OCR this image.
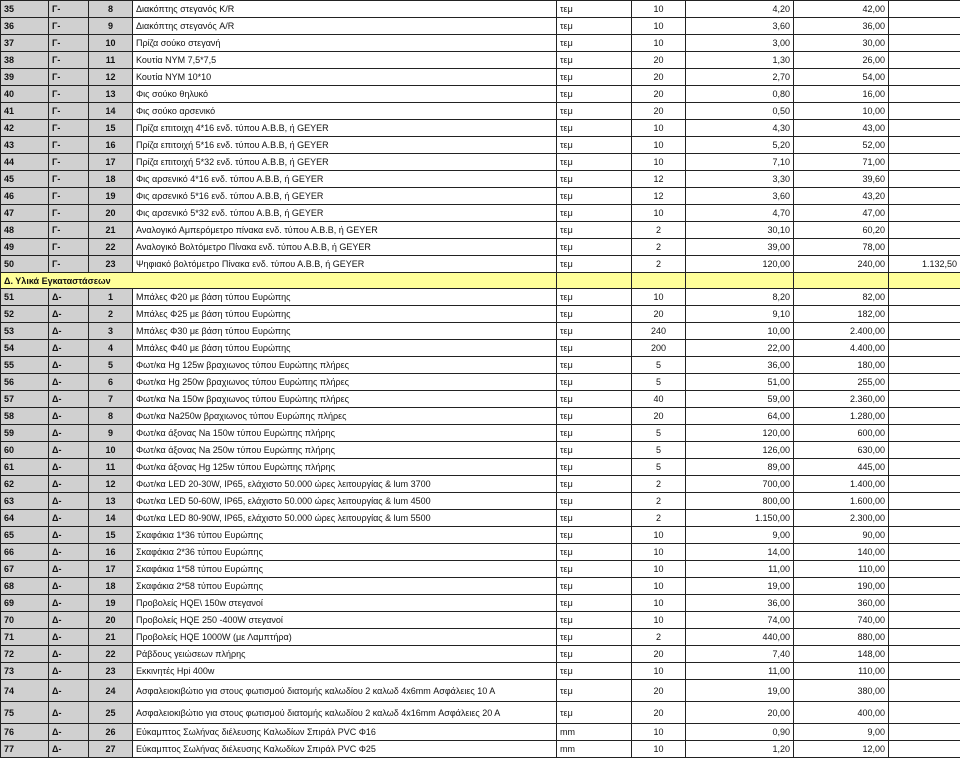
35	Γ-	8	Διακόπτης στεγανός K/R	τεμ	10	4,20	42,00	
36	Γ-	9	Διακόπτης στεγανός A/R	τεμ	10	3,60	36,00	
37	Γ-	10	Πρίζα σούκο στεγανή	τεμ	10	3,00	30,00	
38	Γ-	11	Κουτία ΝΥΜ 7,5*7,5	τεμ	20	1,30	26,00	
39	Γ-	12	Κουτία ΝΥΜ 10*10	τεμ	20	2,70	54,00	
40	Γ-	13	Φις σούκο θηλυκό	τεμ	20	0,80	16,00	
41	Γ-	14	Φις σούκο αρσενικό	τεμ	20	0,50	10,00	
42	Γ-	15	Πρίζα επιτοιχη 4*16 ενδ. τύπου Α.Β.Β, ή GEYER	τεμ	10	4,30	43,00	
43	Γ-	16	Πρίζα επιτοιχή 5*16 ενδ. τύπου Α.Β.Β, ή GEYER	τεμ	10	5,20	52,00	
44	Γ-	17	Πρίζα επιτοιχή 5*32 ενδ. τύπου Α.Β.Β, ή GEYER	τεμ	10	7,10	71,00	
45	Γ-	18	Φις αρσενικό 4*16 ενδ. τύπου Α.Β.Β, ή GEYER	τεμ	12	3,30	39,60	
46	Γ-	19	Φις αρσενικό 5*16 ενδ. τύπου Α.Β.Β, ή GEYER	τεμ	12	3,60	43,20	
47	Γ-	20	Φις αρσενικό 5*32 ενδ. τύπου Α.Β.Β, ή GEYER	τεμ	10	4,70	47,00	
48	Γ-	21	Αναλογικό Αμπερόμετρο πίνακα ενδ. τύπου Α.Β.Β, ή GEYER	τεμ	2	30,10	60,20	
49	Γ-	22	Αναλογικό Βολτόμετρο Πίνακα ενδ. τύπου Α.Β.Β, ή GEYER	τεμ	2	39,00	78,00	
50	Γ-	23	Ψηφιακό βολτόμετρο Πίνακα ενδ. τύπου Α.Β.Β, ή GEYER	τεμ	2	120,00	240,00	1.132,50
Δ. Υλικά Εγκαταστάσεων								
51	Δ-	1	Μπάλες Φ20 με βάση τύπου Ευρώπης	τεμ	10	8,20	82,00	
52	Δ-	2	Μπάλες Φ25 με βάση τύπου Ευρώπης	τεμ	20	9,10	182,00	
53	Δ-	3	Μπάλες Φ30 με βάση τύπου Ευρώπης	τεμ	240	10,00	2.400,00	
54	Δ-	4	Μπάλες Φ40 με βάση τύπου Ευρώπης	τεμ	200	22,00	4.400,00	
55	Δ-	5	Φωτ/κα Hg 125w βραχιωνος τύπου Ευρώπης πλήρες	τεμ	5	36,00	180,00	
56	Δ-	6	Φωτ/κα Hg 250w βραχιωνος τύπου Ευρώπης πλήρες	τεμ	5	51,00	255,00	
57	Δ-	7	Φωτ/κα Na 150w βραχιωνος τύπου Ευρώπης πλήρες	τεμ	40	59,00	2.360,00	
58	Δ-	8	Φωτ/κα Na250w βραχιωνος τύπου Ευρώπης πλήρες	τεμ	20	64,00	1.280,00	
59	Δ-	9	Φωτ/κα άξονας Na 150w τύπου Ευρώπης πλήρης	τεμ	5	120,00	600,00	
60	Δ-	10	Φωτ/κα άξονας Na 250w τύπου Ευρώπης πλήρης	τεμ	5	126,00	630,00	
61	Δ-	11	Φωτ/κα άξονας Hg 125w τύπου Ευρώπης πλήρης	τεμ	5	89,00	445,00	
62	Δ-	12	Φωτ/κα LED 20-30W, IP65, ελάχιστο 50.000 ώρες λειτουργίας & lum 3700	τεμ	2	700,00	1.400,00	
63	Δ-	13	Φωτ/κα LED 50-60W, IP65, ελάχιστο 50.000 ώρες λειτουργίας & lum 4500	τεμ	2	800,00	1.600,00	
64	Δ-	14	Φωτ/κα LED 80-90W, IP65, ελάχιστο 50.000 ώρες λειτουργίας & lum 5500	τεμ	2	1.150,00	2.300,00	
65	Δ-	15	Σκαφάκια 1*36 τύπου Ευρώπης	τεμ	10	9,00	90,00	
66	Δ-	16	Σκαφάκια 2*36 τύπου Ευρώπης	τεμ	10	14,00	140,00	
67	Δ-	17	Σκαφάκια 1*58 τύπου Ευρώπης	τεμ	10	11,00	110,00	
68	Δ-	18	Σκαφάκια 2*58 τύπου Ευρώπης	τεμ	10	19,00	190,00	
69	Δ-	19	Προβολείς HQE\ 150w στεγανοί	τεμ	10	36,00	360,00	
70	Δ-	20	Προβολείς HQE 250 -400W στεγανοί	τεμ	10	74,00	740,00	
71	Δ-	21	Προβολείς HQE 1000W (με Λαμπτήρα)	τεμ	2	440,00	880,00	
72	Δ-	22	Ράβδους γειώσεων πλήρης	τεμ	20	7,40	148,00	
73	Δ-	23	Εκκινητές Hpi 400w	τεμ	10	11,00	110,00	
74	Δ-	24	Ασφαλειοκιβώτιο για στους φωτισμού διατομής καλωδίου 2 καλωδ 4x6mm Ασφάλειες 10 Α	τεμ	20	19,00	380,00	
75	Δ-	25	Ασφαλειοκιβώτιο για στους φωτισμού διατομής καλωδίου 2 καλωδ 4x16mm Ασφάλειες 20 Α	τεμ	20	20,00	400,00	
76	Δ-	26	Εύκαμπτος Σωλήνας διέλευσης Καλωδίων Σπιράλ PVC Φ16	mm	10	0,90	9,00	
77	Δ-	27	Εύκαμπτος Σωλήνας διέλευσης Καλωδίων Σπιράλ PVC Φ25	mm	10	1,20	12,00	
